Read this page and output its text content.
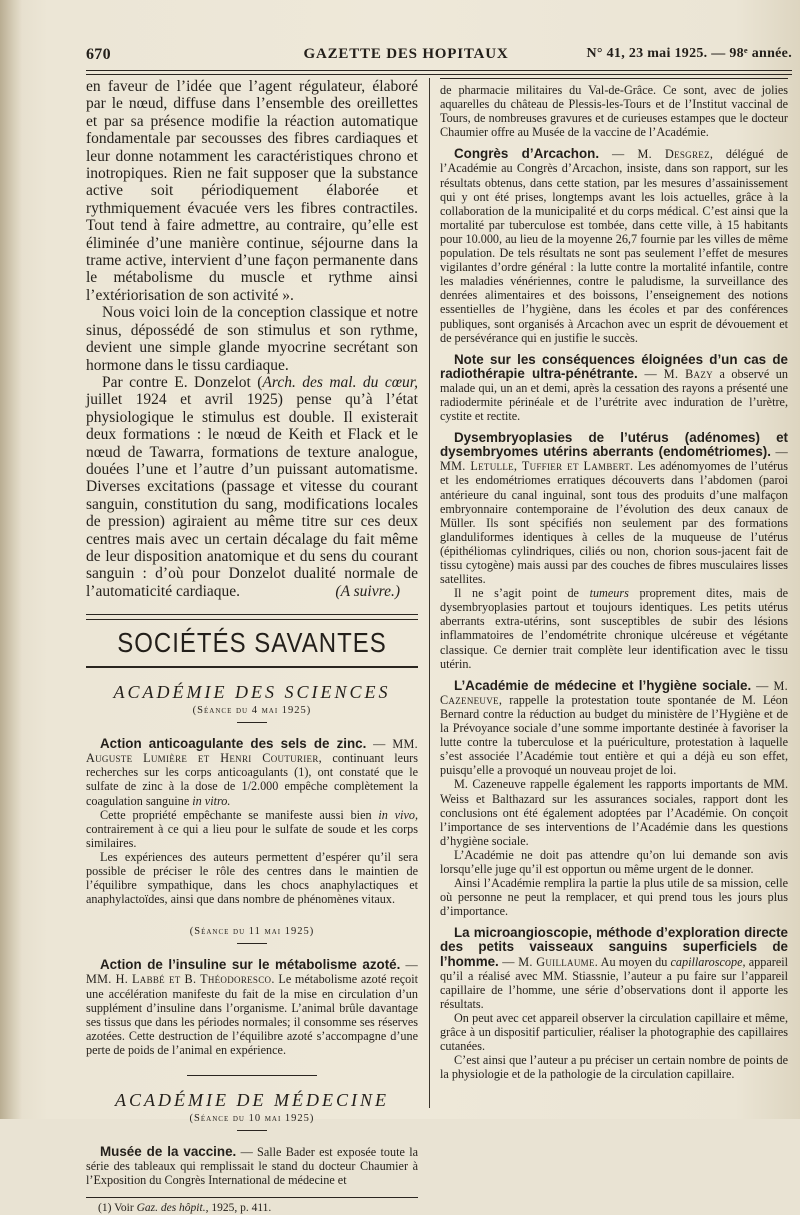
670	GAZETTE DES HOPITAUX	N° 41, 23 mai 1925. — 98ᵉ année.

en faveur de l’idée que l’agent régulateur, élaboré par le nœud, diffuse dans l’ensemble des oreillettes et par sa présence modifie la réaction automatique fondamentale par secousses des fibres cardiaques et leur donne notamment les caractéristiques chrono et inotropiques. Rien ne fait supposer que la substance active soit périodiquement élaborée et rythmiquement évacuée vers les fibres contractiles. Tout tend à faire admettre, au contraire, qu’elle est éliminée d’une manière continue, séjourne dans la trame active, intervient d’une façon permanente dans le métabolisme du muscle et rythme ainsi l’extériorisation de son activité ».

Nous voici loin de la conception classique et notre sinus, dépossédé de son stimulus et son rythme, devient une simple glande myocrine secrétant son hormone dans le tissu cardiaque.

Par contre E. Donzelot (Arch. des mal. du cœur, juillet 1924 et avril 1925) pense qu’à l’état physiologique le stimulus est double. Il existerait deux formations : le nœud de Keith et Flack et le nœud de Tawarra, formations de texture analogue, douées l’une et l’autre d’un puissant automatisme. Diverses excitations (passage et vitesse du courant sanguin, constitution du sang, modifications locales de pression) agiraient au même titre sur ces deux centres mais avec un certain décalage du fait même de leur disposition anatomique et du sens du courant sanguin : d’où pour Donzelot dualité normale de l’automaticité cardiaque.	(A suivre.)

SOCIÉTÉS SAVANTES
ACADÉMIE DES SCIENCES

(Séance du 4 mai 1925)

Action anticoagulante des sels de zinc. — MM. Auguste Lumière et Henri Couturier, continuant leurs recherches sur les corps anticoagulants (1), ont constaté que le sulfate de zinc à la dose de 1/2.000 empêche complètement la coagulation sanguine in vitro.

Cette propriété empêchante se manifeste aussi bien in vivo, contrairement à ce qui a lieu pour le sulfate de soude et les corps similaires.

Les expériences des auteurs permettent d’espérer qu’il sera possible de préciser le rôle des centres dans le maintien de l’équilibre sympathique, dans les chocs anaphylactiques et anaphylactoïdes, ainsi que dans nombre de phénomènes vitaux.

(Séance du 11 mai 1925)

Action de l’insuline sur le métabolisme azoté. — MM. H. Labbé et B. Théodoresco. Le métabolisme azoté reçoit une accélération manifeste du fait de la mise en circulation d’un supplément d’insuline dans l’organisme. L’animal brûle davantage ses tissus que dans les périodes normales; il consomme ses réserves azotées. Cette destruction de l’équilibre azoté s’accompagne d’une perte de poids de l’animal en expérience.

ACADÉMIE DE MÉDECINE

(Séance du 10 mai 1925)

Musée de la vaccine. — Salle Bader est exposée toute la série des tableaux qui remplissait le stand du docteur Chaumier à l’Exposition du Congrès International de médecine et

(1) Voir Gaz. des hôpit., 1925, p. 411.

de pharmacie militaires du Val-de-Grâce. Ce sont, avec de jolies aquarelles du château de Plessis-les-Tours et de l’Institut vaccinal de Tours, de nombreuses gravures et de curieuses estampes que le docteur Chaumier offre au Musée de la vaccine de l’Académie.

Congrès d’Arcachon. — M. Desgrez, délégué de l’Académie au Congrès d’Arcachon, insiste, dans son rapport, sur les résultats obtenus, dans cette station, par les mesures d’assainissement qui y ont été prises, longtemps avant les lois actuelles, grâce à la collaboration de la municipalité et du corps médical. C’est ainsi que la mortalité par tuberculose est tombée, dans cette ville, à 15 habitants pour 10.000, au lieu de la moyenne 26,7 fournie par les villes de même population. De tels résultats ne sont pas seulement l’effet de mesures vigilantes d’ordre général : la lutte contre la mortalité infantile, contre les maladies vénériennes, contre le paludisme, la surveillance des denrées alimentaires et des boissons, l’enseignement des notions essentielles de l’hygiène, dans les écoles et par des conférences publiques, sont organisés à Arcachon avec un esprit de dévouement et de persévérance qui en justifie le succès.

Note sur les conséquences éloignées d’un cas de radiothérapie ultra-pénétrante. — M. Bazy a observé un malade qui, un an et demi, après la cessation des rayons a présenté une radiodermite périnéale et de l’urétrite avec induration de l’urètre, cystite et rectite.

Dysembryoplasies de l’utérus (adénomes) et dysembryomes utérins aberrants (endométriomes). — MM. Letulle, Tuffier et Lambert. Les adénomyomes de l’utérus et les endométriomes erratiques découverts dans l’abdomen (paroi antérieure du canal inguinal, sont tous des produits d’une malfaçon embryonnaire contemporaine de l’évolution des deux canaux de Müller. Ils sont spécifiés non seulement par des formations glanduliformes identiques à celles de la muqueuse de l’utérus (épithéliomas cylindriques, ciliés ou non, chorion sous-jacent fait de tissu cytogène) mais aussi par des couches de fibres musculaires lisses satellites.

Il ne s’agit point de tumeurs proprement dites, mais de dysembryoplasies partout et toujours identiques. Les petits utérus aberrants extra-utérins, sont susceptibles de subir des lésions inflammatoires de l’endométrite chronique ulcéreuse et végétante classique. Ce dernier trait complète leur identification avec le tissu utérin.

L’Académie de médecine et l’hygiène sociale. — M. Cazeneuve, rappelle la protestation toute spontanée de M. Léon Bernard contre la réduction au budget du ministère de l’Hygiène et de la Prévoyance sociale d’une somme importante destinée à favoriser la lutte contre la tuberculose et la puériculture, protestation à laquelle s’est associée l’Académie tout entière et qui a déjà eu son effet, puisqu’elle a provoqué un nouveau projet de loi.

M. Cazeneuve rappelle également les rapports importants de MM. Weiss et Balthazard sur les assurances sociales, rapport dont les conclusions ont été également adoptées par l’Académie. On conçoit l’importance de ses interventions de l’Académie dans les questions d’hygiène sociale.

L’Académie ne doit pas attendre qu’on lui demande son avis lorsqu’elle juge qu’il est opportun ou même urgent de le donner.

Ainsi l’Académie remplira la partie la plus utile de sa mission, celle où personne ne peut la remplacer, et qui prend tous les jours plus d’importance.

La microangioscopie, méthode d’exploration directe des petits vaisseaux sanguins superficiels de l’homme. — M. Guillaume. Au moyen du capillaroscope, appareil qu’il a réalisé avec MM. Stiassnie, l’auteur a pu faire sur l’appareil capillaire de l’homme, une série d’observations dont il apporte les résultats.

On peut avec cet appareil observer la circulation capillaire et même, grâce à un dispositif particulier, réaliser la photographie des capillaires cutanées.

C’est ainsi que l’auteur a pu préciser un certain nombre de points de la physiologie et de la pathologie de la circulation capillaire.
